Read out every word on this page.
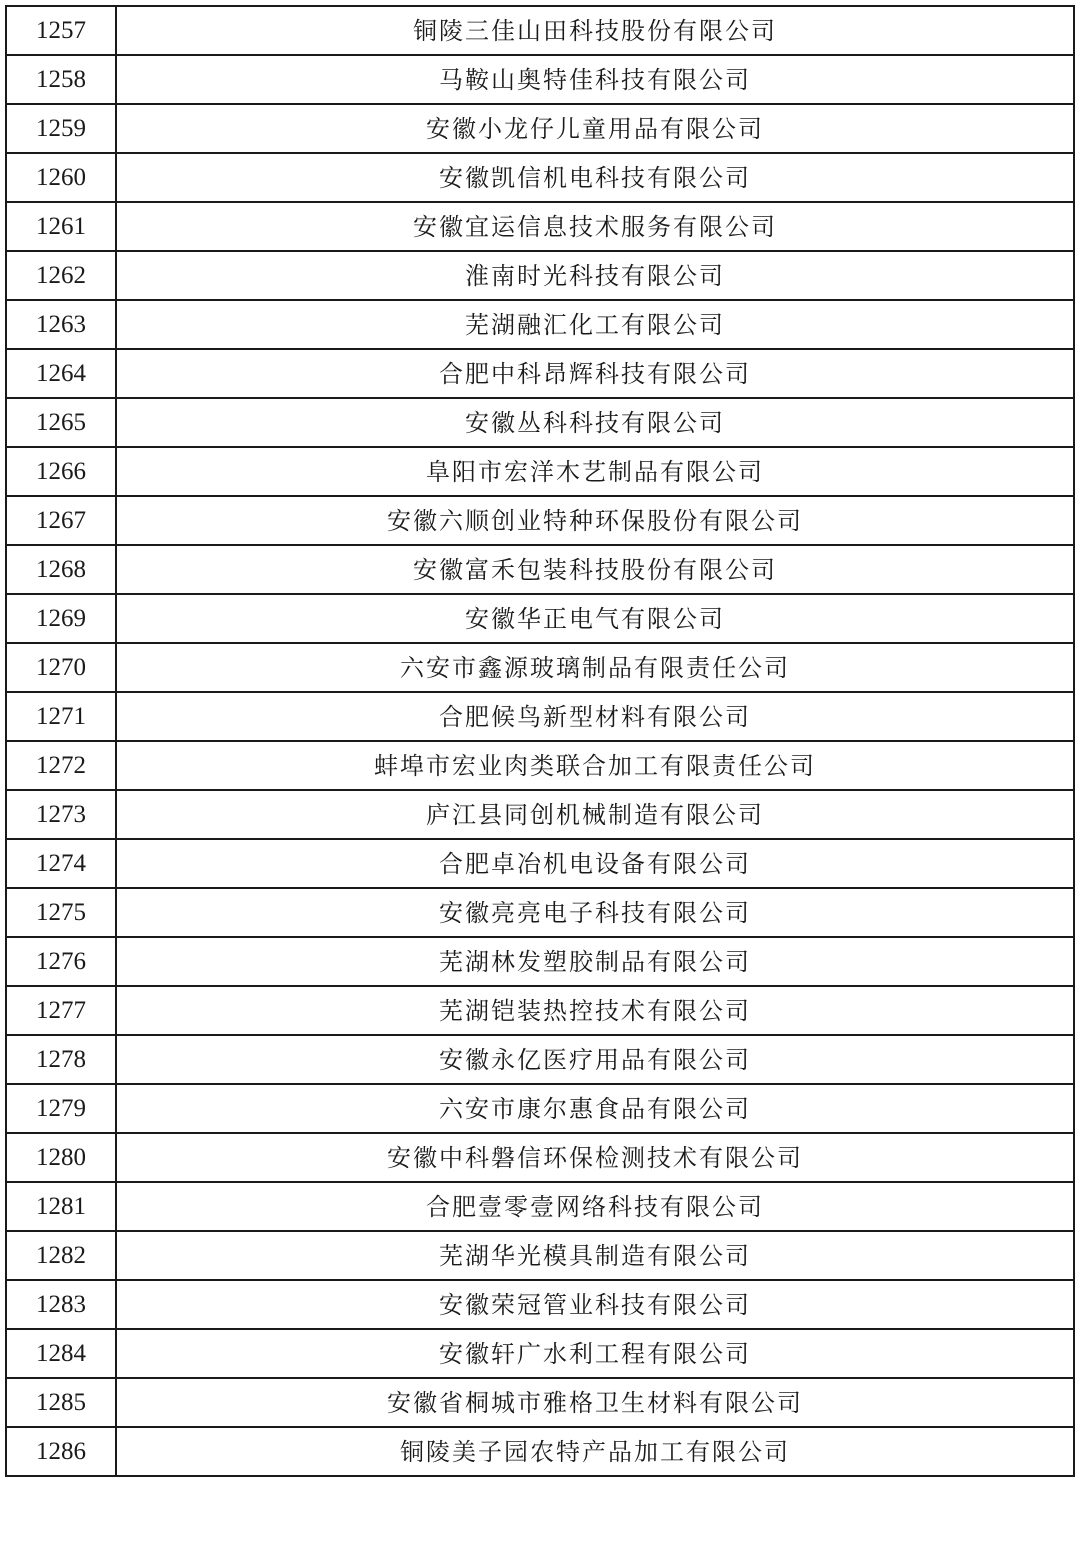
1257	铜陵三佳山田科技股份有限公司
1258	马鞍山奥特佳科技有限公司
1259	安徽小龙仔儿童用品有限公司
1260	安徽凯信机电科技有限公司
1261	安徽宜运信息技术服务有限公司
1262	淮南时光科技有限公司
1263	芜湖融汇化工有限公司
1264	合肥中科昂辉科技有限公司
1265	安徽丛科科技有限公司
1266	阜阳市宏洋木艺制品有限公司
1267	安徽六顺创业特种环保股份有限公司
1268	安徽富禾包装科技股份有限公司
1269	安徽华正电气有限公司
1270	六安市鑫源玻璃制品有限责任公司
1271	合肥候鸟新型材料有限公司
1272	蚌埠市宏业肉类联合加工有限责任公司
1273	庐江县同创机械制造有限公司
1274	合肥卓冶机电设备有限公司
1275	安徽亮亮电子科技有限公司
1276	芜湖林发塑胶制品有限公司
1277	芜湖铠装热控技术有限公司
1278	安徽永亿医疗用品有限公司
1279	六安市康尔惠食品有限公司
1280	安徽中科磐信环保检测技术有限公司
1281	合肥壹零壹网络科技有限公司
1282	芜湖华光模具制造有限公司
1283	安徽荣冠管业科技有限公司
1284	安徽轩广水利工程有限公司
1285	安徽省桐城市雅格卫生材料有限公司
1286	铜陵美子园农特产品加工有限公司
